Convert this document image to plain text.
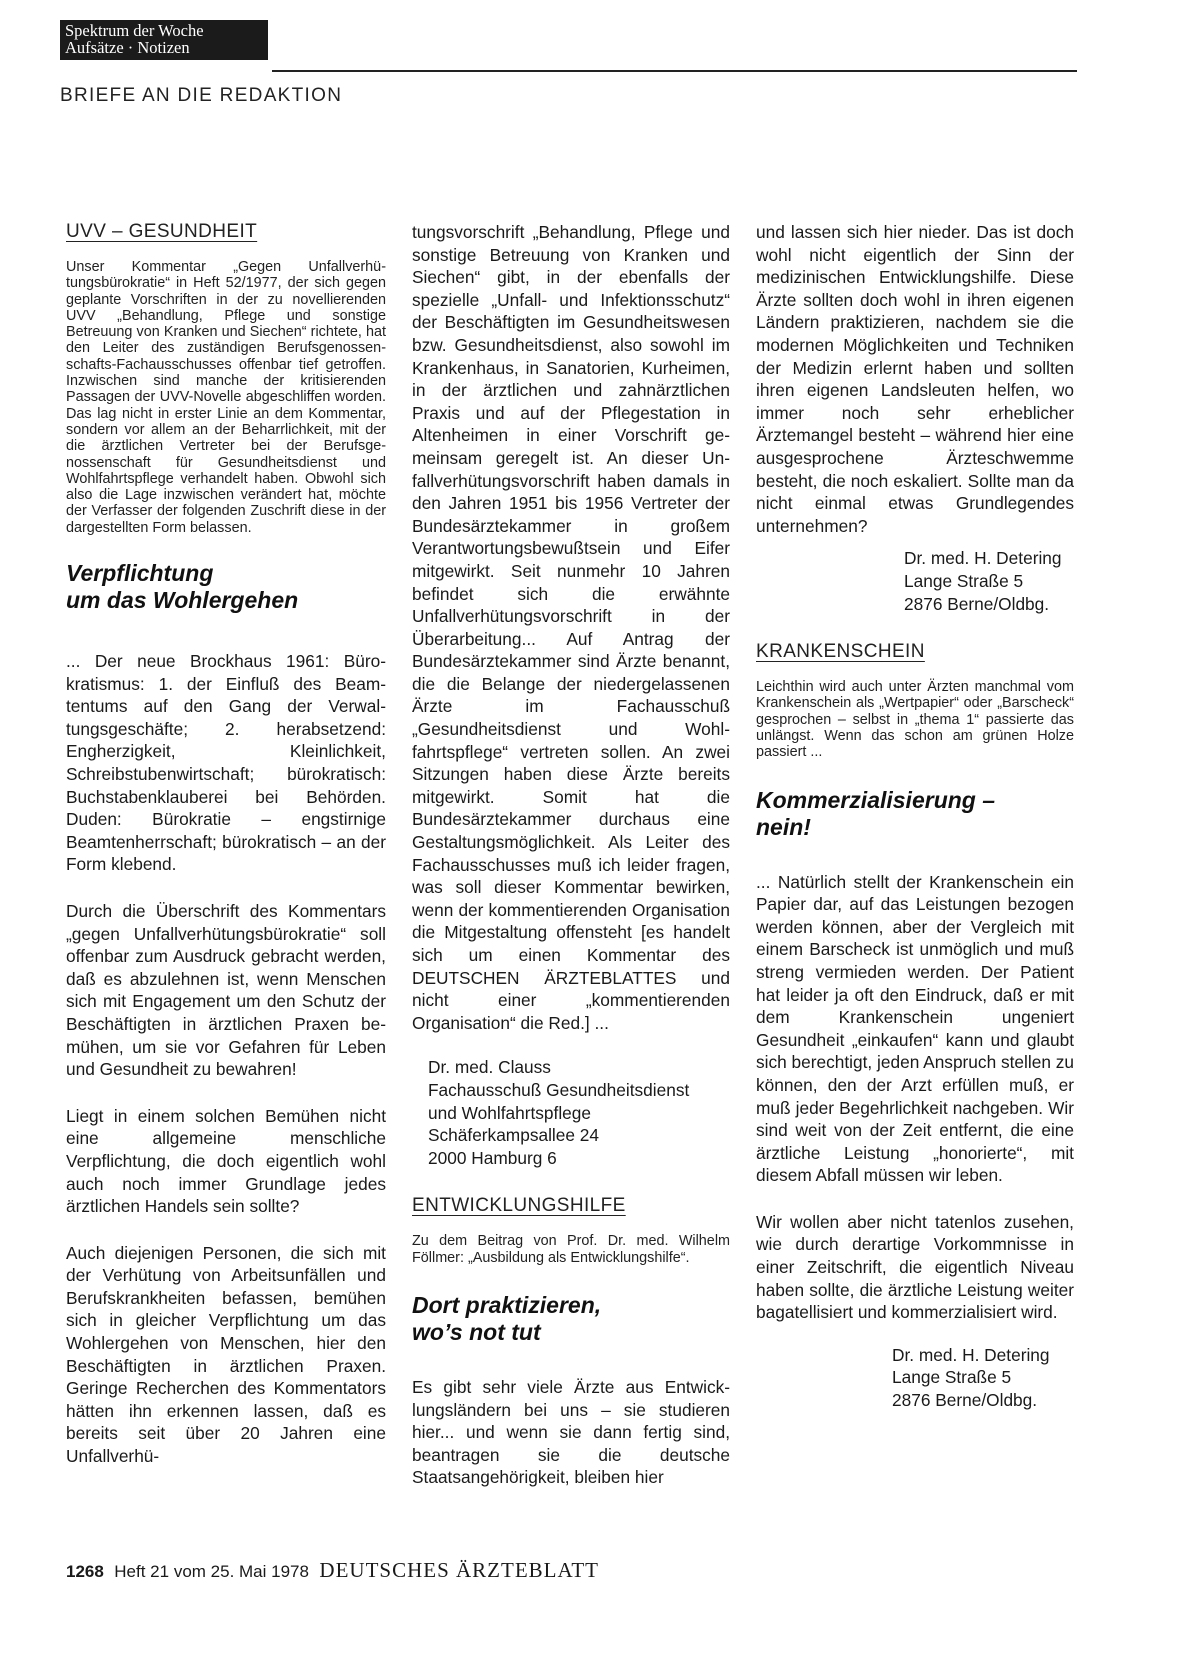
Spektrum der Woche
Aufsätze · Notizen
BRIEFE AN DIE REDAKTION
UVV – GESUNDHEIT

Unser Kommentar „Gegen Unfallverhütungsbürokratie“ in Heft 52/1977, der sich gegen geplante Vorschriften in der zu novellierenden UVV „Behandlung, Pflege und sonstige Betreuung von Kranken und Siechen“ richtete, hat den Leiter des zuständigen Berufsgenossenschafts-Fachausschusses offenbar tief getroffen. Inzwischen sind manche der kritisierenden Passagen der UVV-Novelle abgeschliffen worden. Das lag nicht in erster Linie an dem Kommentar, sondern vor allem an der Beharrlichkeit, mit der die ärztlichen Vertreter bei der Berufsgenossenschaft für Gesundheitsdienst und Wohlfahrtspflege verhandelt haben. Obwohl sich also die Lage inzwischen verändert hat, möchte der Verfasser der folgenden Zuschrift diese in der dargestellten Form belassen.

Verpflichtung
um das Wohlergehen

... Der neue Brockhaus 1961: Bürokratismus: 1. der Einfluß des Beamtentums auf den Gang der Verwaltungsgeschäfte; 2. herabsetzend: Engherzigkeit, Kleinlichkeit, Schreibstubenwirtschaft; bürokratisch: Buchstabenklauberei bei Behörden. Duden: Bürokratie – engstirnige Beamtenherrschaft; bürokratisch – an der Form klebend.

Durch die Überschrift des Kommentars „gegen Unfallverhütungsbürokratie“ soll offenbar zum Ausdruck gebracht werden, daß es abzulehnen ist, wenn Menschen sich mit Engagement um den Schutz der Beschäftigten in ärztlichen Praxen bemühen, um sie vor Gefahren für Leben und Gesundheit zu bewahren!

Liegt in einem solchen Bemühen nicht eine allgemeine menschliche Verpflichtung, die doch eigentlich wohl auch noch immer Grundlage jedes ärztlichen Handels sein sollte?

Auch diejenigen Personen, die sich mit der Verhütung von Arbeitsunfällen und Berufskrankheiten befassen, bemühen sich in gleicher Verpflichtung um das Wohlergehen von Menschen, hier den Beschäftigten in ärztlichen Praxen. Geringe Recherchen des Kommentators hätten ihn erkennen lassen, daß es bereits seit über 20 Jahren eine Unfallverhü-

tungsvorschrift „Behandlung, Pflege und sonstige Betreuung von Kranken und Siechen“ gibt, in der ebenfalls der spezielle „Unfall- und Infektionsschutz“ der Beschäftigten im Gesundheitswesen bzw. Gesundheitsdienst, also sowohl im Krankenhaus, in Sanatorien, Kurheimen, in der ärztlichen und zahnärztlichen Praxis und auf der Pflegestation in Altenheimen in einer Vorschrift gemeinsam geregelt ist. An dieser Unfallverhütungsvorschrift haben damals in den Jahren 1951 bis 1956 Vertreter der Bundesärztekammer in großem Verantwortungsbewußtsein und Eifer mitgewirkt. Seit nunmehr 10 Jahren befindet sich die erwähnte Unfallverhütungsvorschrift in der Überarbeitung... Auf Antrag der Bundesärztekammer sind Ärzte benannt, die die Belange der niedergelassenen Ärzte im Fachausschuß „Gesundheitsdienst und Wohlfahrtspflege“ vertreten sollen. An zwei Sitzungen haben diese Ärzte bereits mitgewirkt. Somit hat die Bundesärztekammer durchaus eine Gestaltungsmöglichkeit. Als Leiter des Fachausschusses muß ich leider fragen, was soll dieser Kommentar bewirken, wenn der kommentierenden Organisation die Mitgestaltung offensteht [es handelt sich um einen Kommentar des DEUTSCHEN ÄRZTEBLATTES und nicht einer „kommentierenden Organisation“ die Red.] ...

Dr. med. Clauss
Fachausschuß Gesundheitsdienst
und Wohlfahrtspflege
Schäferkampsallee 24
2000 Hamburg 6
ENTWICKLUNGSHILFE

Zu dem Beitrag von Prof. Dr. med. Wilhelm Föllmer: „Ausbildung als Entwicklungshilfe“.

Dort praktizieren,
wo’s not tut

Es gibt sehr viele Ärzte aus Entwicklungsländern bei uns – sie studieren hier... und wenn sie dann fertig sind, beantragen sie die deutsche Staatsangehörigkeit, bleiben hier

und lassen sich hier nieder. Das ist doch wohl nicht eigentlich der Sinn der medizinischen Entwicklungshilfe. Diese Ärzte sollten doch wohl in ihren eigenen Ländern praktizieren, nachdem sie die modernen Möglichkeiten und Techniken der Medizin erlernt haben und sollten ihren eigenen Landsleuten helfen, wo immer noch sehr erheblicher Ärztemangel besteht – während hier eine ausgesprochene Ärzteschwemme besteht, die noch eskaliert. Sollte man da nicht einmal etwas Grundlegendes unternehmen?

Dr. med. H. Detering
Lange Straße 5
2876 Berne/Oldbg.
KRANKENSCHEIN

Leichthin wird auch unter Ärzten manchmal vom Krankenschein als „Wertpapier“ oder „Barscheck“ gesprochen – selbst in „thema 1“ passierte das unlängst. Wenn das schon am grünen Holze passiert ...

Kommerzialisierung –
nein!

... Natürlich stellt der Krankenschein ein Papier dar, auf das Leistungen bezogen werden können, aber der Vergleich mit einem Barscheck ist unmöglich und muß streng vermieden werden. Der Patient hat leider ja oft den Eindruck, daß er mit dem Krankenschein ungeniert Gesundheit „einkaufen“ kann und glaubt sich berechtigt, jeden Anspruch stellen zu können, den der Arzt erfüllen muß, er muß jeder Begehrlichkeit nachgeben. Wir sind weit von der Zeit entfernt, die eine ärztliche Leistung „honorierte“, mit diesem Abfall müssen wir leben.

Wir wollen aber nicht tatenlos zusehen, wie durch derartige Vorkommnisse in einer Zeitschrift, die eigentlich Niveau haben sollte, die ärztliche Leistung weiter bagatellisiert und kommerzialisiert wird.

Dr. med. H. Detering
Lange Straße 5
2876 Berne/Oldbg.
1268 Heft 21 vom 25. Mai 1978 DEUTSCHES ÄRZTEBLATT
